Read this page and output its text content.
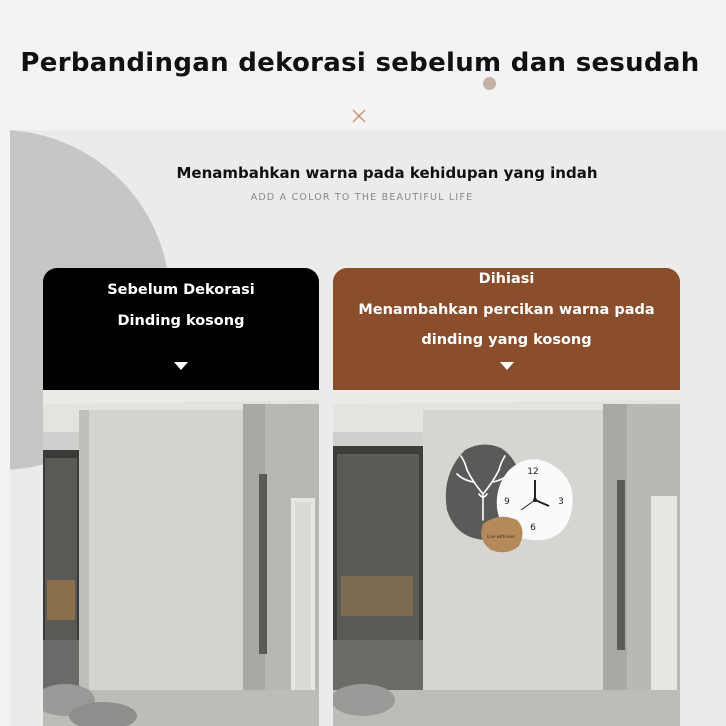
Perbandingan dekorasi sebelum dan sesudah
Menambahkan warna pada kehidupan yang indah
ADD A COLOR TO THE BEAUTIFUL LIFE
Sebelum Dekorasi
Dinding kosong
Dihiasi
Menambahkan percikan warna pada
dinding yang kosong
12
3
6
9
Live with love
